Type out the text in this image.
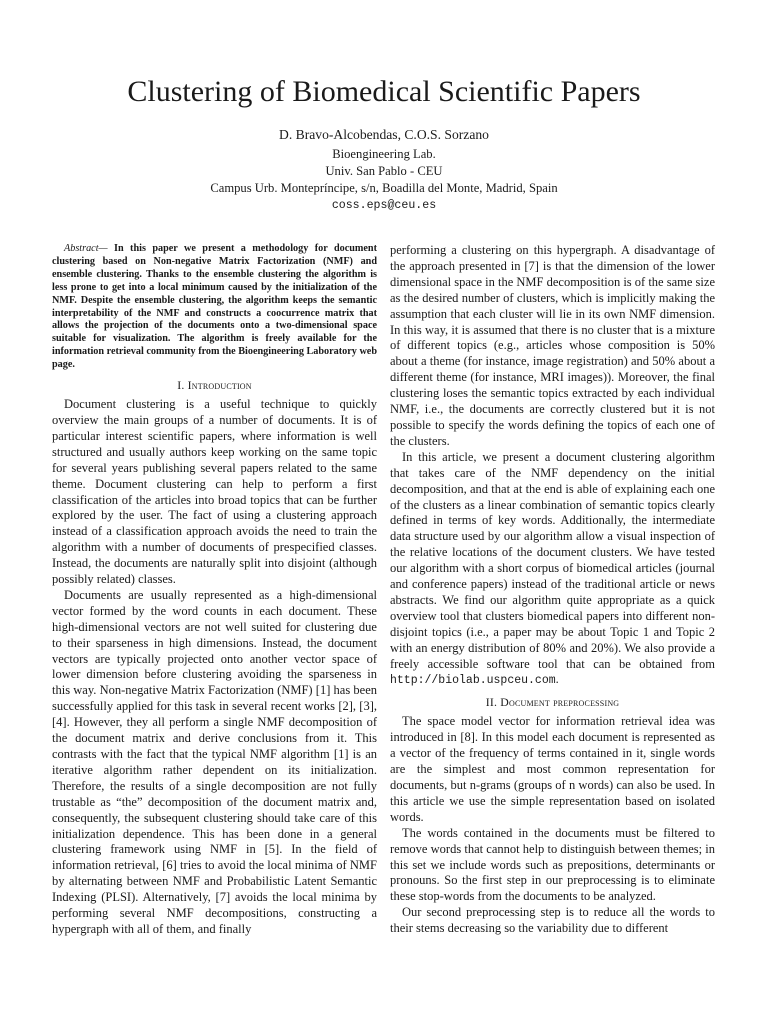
Clustering of Biomedical Scientific Papers
D. Bravo-Alcobendas, C.O.S. Sorzano
Bioengineering Lab.
Univ. San Pablo - CEU
Campus Urb. Montepríncipe, s/n, Boadilla del Monte, Madrid, Spain
coss.eps@ceu.es

Abstract— In this paper we present a methodology for document clustering based on Non-negative Matrix Factorization (NMF) and ensemble clustering. Thanks to the ensemble clustering the algorithm is less prone to get into a local minimum caused by the initialization of the NMF. Despite the ensemble clustering, the algorithm keeps the semantic interpretability of the NMF and constructs a coocurrence matrix that allows the projection of the documents onto a two-dimensional space suitable for visualization. The algorithm is freely available for the information retrieval community from the Bioengineering Laboratory web page.

I. Introduction

Document clustering is a useful technique to quickly overview the main groups of a number of documents. It is of particular interest scientific papers, where information is well structured and usually authors keep working on the same topic for several years publishing several papers related to the same theme. Document clustering can help to perform a first classification of the articles into broad topics that can be further explored by the user. The fact of using a clustering approach instead of a classification approach avoids the need to train the algorithm with a number of documents of prespecified classes. Instead, the documents are naturally split into disjoint (although possibly related) classes.

Documents are usually represented as a high-dimensional vector formed by the word counts in each document. These high-dimensional vectors are not well suited for clustering due to their sparseness in high dimensions. Instead, the document vectors are typically projected onto another vector space of lower dimension before clustering avoiding the sparseness in this way. Non-negative Matrix Factorization (NMF) [1] has been successfully applied for this task in several recent works [2], [3], [4]. However, they all perform a single NMF decomposition of the document matrix and derive conclusions from it. This contrasts with the fact that the typical NMF algorithm [1] is an iterative algorithm rather dependent on its initialization. Therefore, the results of a single decomposition are not fully trustable as “the” decomposition of the document matrix and, consequently, the subsequent clustering should take care of this initialization dependence. This has been done in a general clustering framework using NMF in [5]. In the field of information retrieval, [6] tries to avoid the local minima of NMF by alternating between NMF and Probabilistic Latent Semantic Indexing (PLSI). Alternatively, [7] avoids the local minima by performing several NMF decompositions, constructing a hypergraph with all of them, and finally

performing a clustering on this hypergraph. A disadvantage of the approach presented in [7] is that the dimension of the lower dimensional space in the NMF decomposition is of the same size as the desired number of clusters, which is implicitly making the assumption that each cluster will lie in its own NMF dimension. In this way, it is assumed that there is no cluster that is a mixture of different topics (e.g., articles whose composition is 50% about a theme (for instance, image registration) and 50% about a different theme (for instance, MRI images)). Moreover, the final clustering loses the semantic topics extracted by each individual NMF, i.e., the documents are correctly clustered but it is not possible to specify the words defining the topics of each one of the clusters.

In this article, we present a document clustering algorithm that takes care of the NMF dependency on the initial decomposition, and that at the end is able of explaining each one of the clusters as a linear combination of semantic topics clearly defined in terms of key words. Additionally, the intermediate data structure used by our algorithm allow a visual inspection of the relative locations of the document clusters. We have tested our algorithm with a short corpus of biomedical articles (journal and conference papers) instead of the traditional article or news abstracts. We find our algorithm quite appropriate as a quick overview tool that clusters biomedical papers into different non-disjoint topics (i.e., a paper may be about Topic 1 and Topic 2 with an energy distribution of 80% and 20%). We also provide a freely accessible software tool that can be obtained from http://biolab.uspceu.com.

II. Document preprocessing

The space model vector for information retrieval idea was introduced in [8]. In this model each document is represented as a vector of the frequency of terms contained in it, single words are the simplest and most common representation for documents, but n-grams (groups of n words) can also be used. In this article we use the simple representation based on isolated words.

The words contained in the documents must be filtered to remove words that cannot help to distinguish between themes; in this set we include words such as prepositions, determinants or pronouns. So the first step in our preprocessing is to eliminate these stop-words from the documents to be analyzed.

Our second preprocessing step is to reduce all the words to their stems decreasing so the variability due to different
